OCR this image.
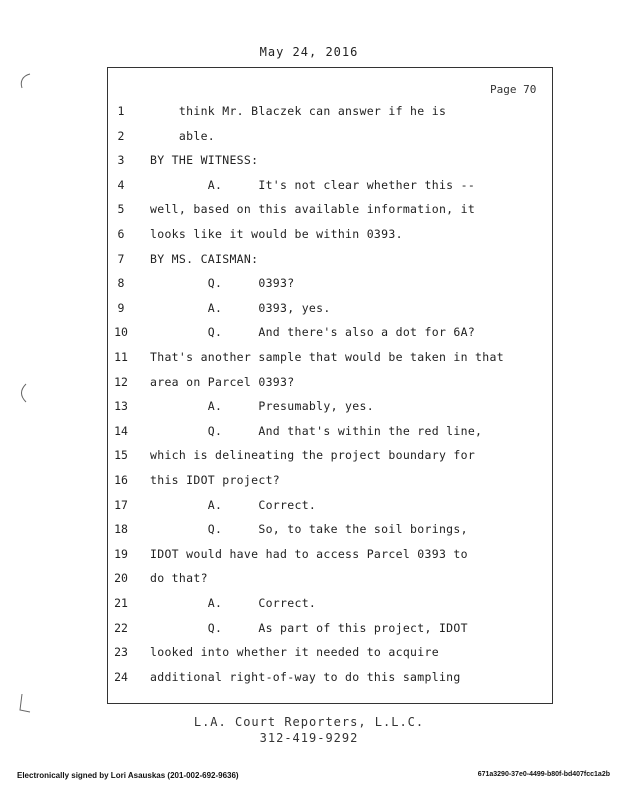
May 24, 2016
Page 70
1	think Mr. Blaczek can answer if he is
2	able.
3	BY THE WITNESS:
4	A.     It's not clear whether this --
5	well, based on this available information, it
6	looks like it would be within 0393.
7	BY MS. CAISMAN:
8	Q.     0393?
9	A.     0393, yes.
10	Q.     And there's also a dot for 6A?
11	That's another sample that would be taken in that
12	area on Parcel 0393?
13	A.     Presumably, yes.
14	Q.     And that's within the red line,
15	which is delineating the project boundary for
16	this IDOT project?
17	A.     Correct.
18	Q.     So, to take the soil borings,
19	IDOT would have had to access Parcel 0393 to
20	do that?
21	A.     Correct.
22	Q.     As part of this project, IDOT
23	looked into whether it needed to acquire
24	additional right-of-way to do this sampling
L.A. Court Reporters, L.L.C.
312-419-9292
Electronically signed by Lori Asauskas (201-002-692-9636)	671a3290-37e0-4499-b80f-bd407fcc1a2b
